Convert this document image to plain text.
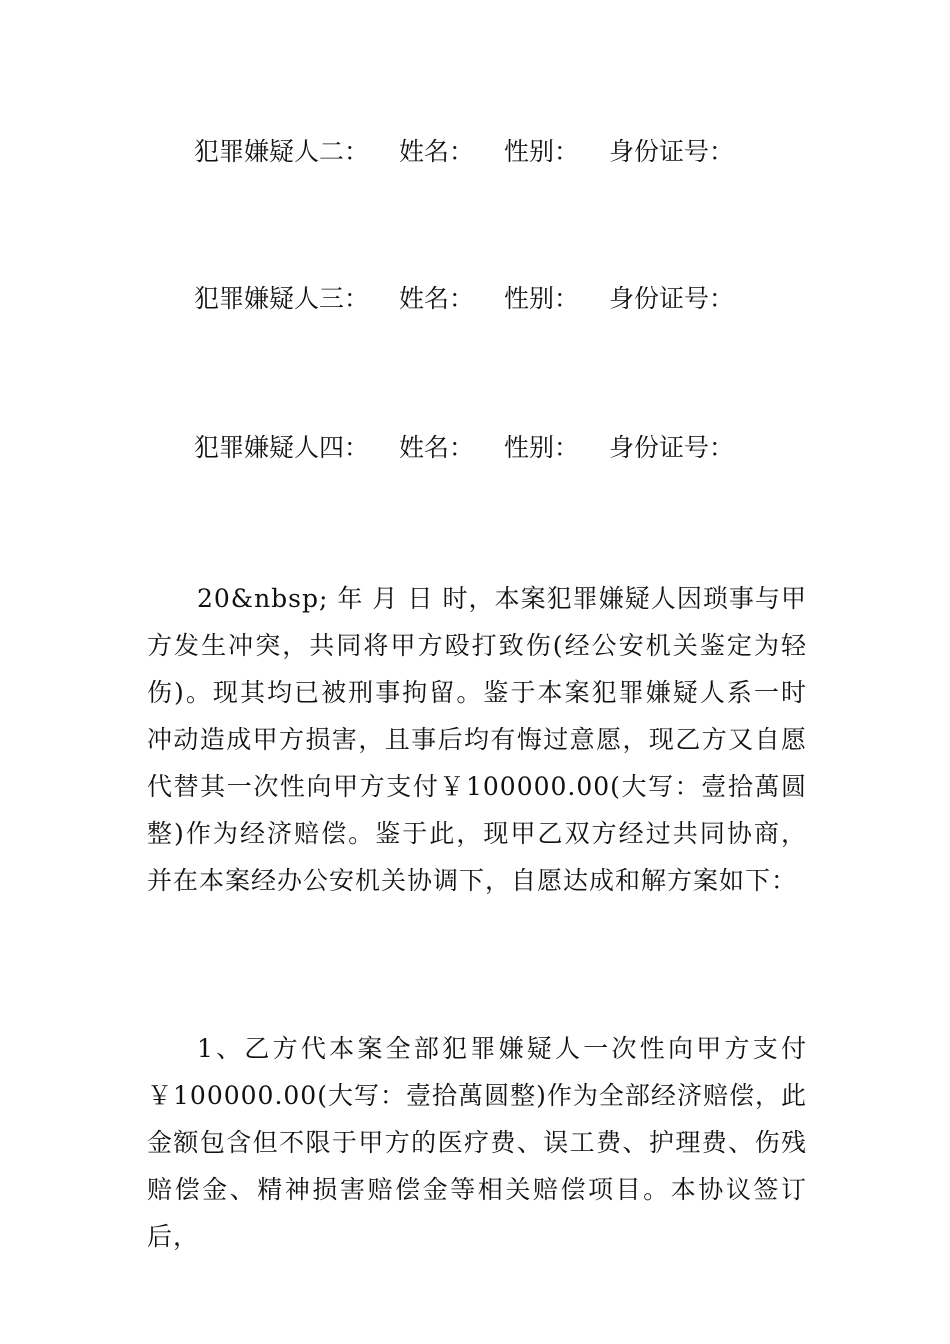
犯罪嫌疑人二： 姓名： 性别： 身份证号：
犯罪嫌疑人三： 姓名： 性别： 身份证号：
犯罪嫌疑人四： 姓名： 性别： 身份证号：

20&nbsp; 年 月 日 时，本案犯罪嫌疑人因琐事与甲方发生冲突，共同将甲方殴打致伤(经公安机关鉴定为轻伤)。现其均已被刑事拘留。鉴于本案犯罪嫌疑人系一时冲动造成甲方损害，且事后均有悔过意愿，现乙方又自愿代替其一次性向甲方支付￥100000.00(大写：壹拾萬圆整)作为经济赔偿。鉴于此，现甲乙双方经过共同协商，并在本案经办公安机关协调下，自愿达成和解方案如下：

1、乙方代本案全部犯罪嫌疑人一次性向甲方支付￥100000.00(大写：壹拾萬圆整)作为全部经济赔偿，此金额包含但不限于甲方的医疗费、误工费、护理费、伤残赔偿金、精神损害赔偿金等相关赔偿项目。本协议签订后，
